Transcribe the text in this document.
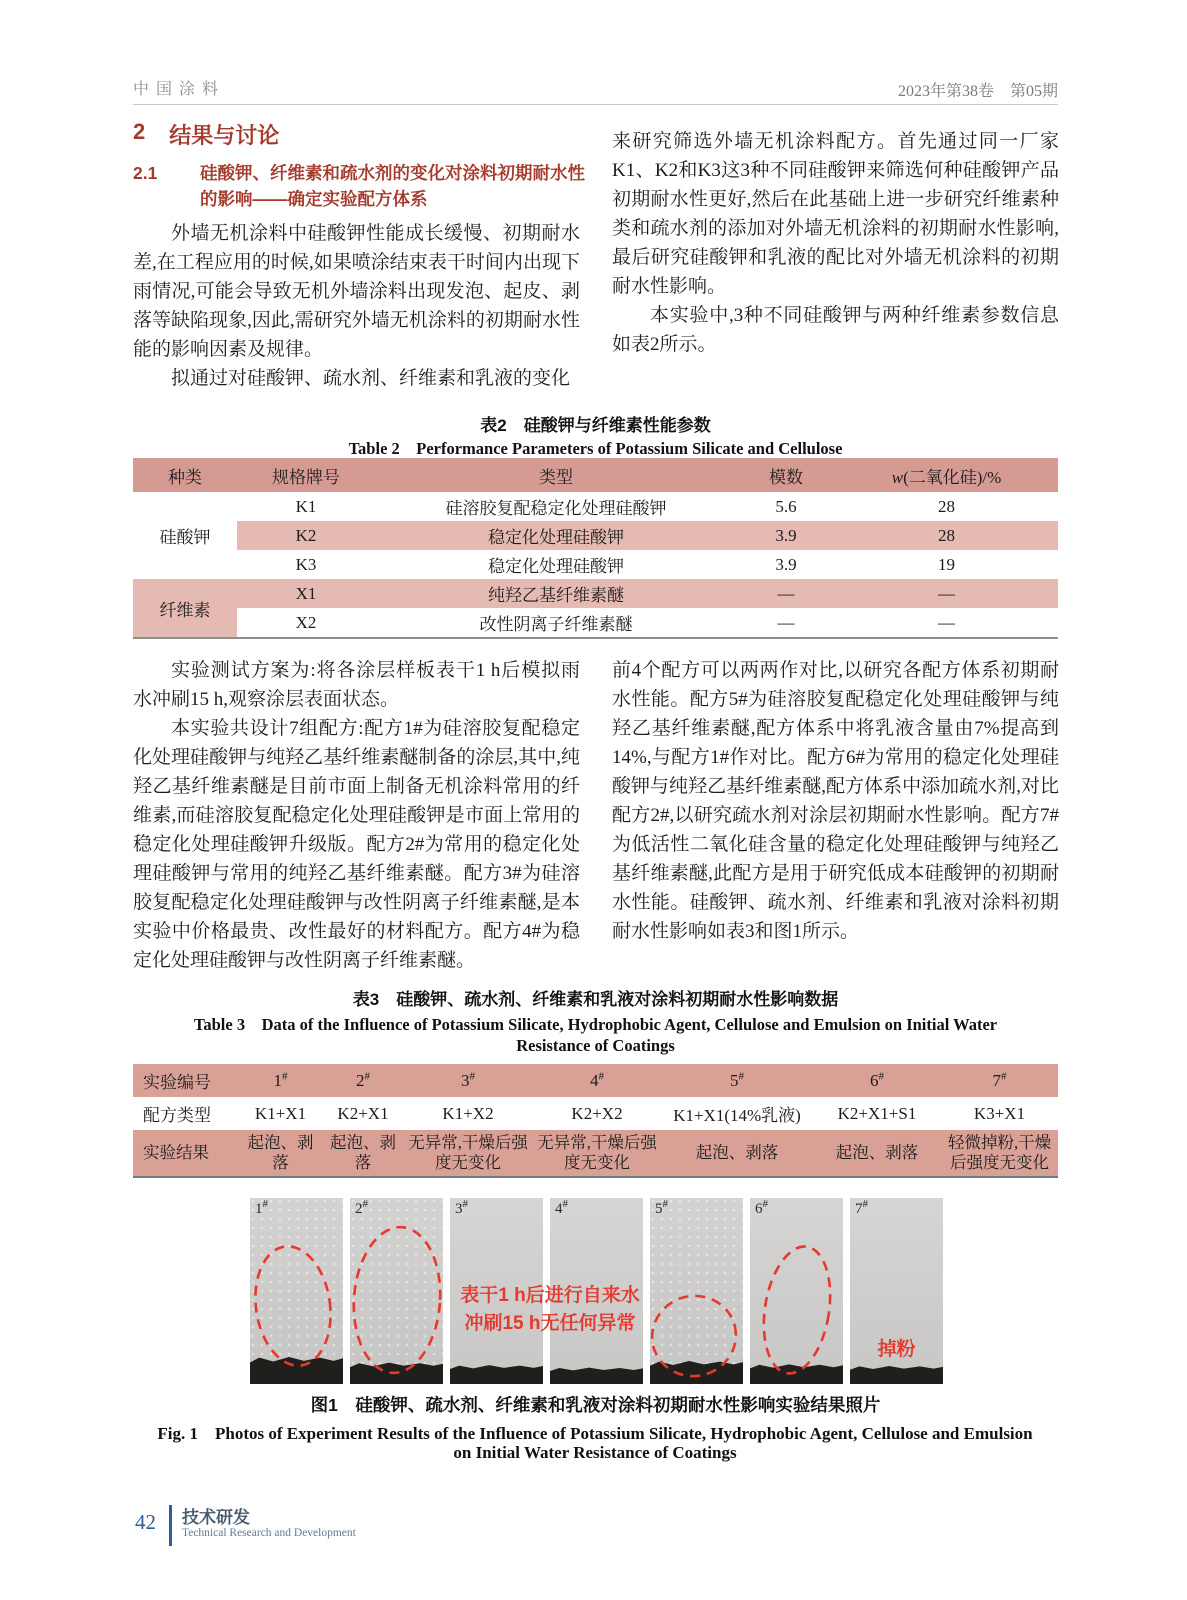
中国涂料	2023年第38卷　第05期
2 结果与讨论
2.1	硅酸钾、纤维素和疏水剂的变化对涂料初期耐水性的影响——确定实验配方体系

外墙无机涂料中硅酸钾性能成长缓慢、初期耐水差,在工程应用的时候,如果喷涂结束表干时间内出现下雨情况,可能会导致无机外墙涂料出现发泡、起皮、剥落等缺陷现象,因此,需研究外墙无机涂料的初期耐水性能的影响因素及规律。

拟通过对硅酸钾、疏水剂、纤维素和乳液的变化

来研究筛选外墙无机涂料配方。首先通过同一厂家K1、K2和K3这3种不同硅酸钾来筛选何种硅酸钾产品初期耐水性更好,然后在此基础上进一步研究纤维素种类和疏水剂的添加对外墙无机涂料的初期耐水性影响,最后研究硅酸钾和乳液的配比对外墙无机涂料的初期耐水性影响。

本实验中,3种不同硅酸钾与两种纤维素参数信息如表2所示。

表2　硅酸钾与纤维素性能参数
Table 2　Performance Parameters of Potassium Silicate and Cellulose
种类	规格牌号	类型	模数	w(二氧化硅)/%
硅酸钾	K1	硅溶胶复配稳定化处理硅酸钾	5.6	28
	K2	稳定化处理硅酸钾	3.9	28
	K3	稳定化处理硅酸钾	3.9	19
纤维素	X1	纯羟乙基纤维素醚	—	—
	X2	改性阴离子纤维素醚	—	—

实验测试方案为:将各涂层样板表干1 h后模拟雨水冲刷15 h,观察涂层表面状态。

本实验共设计7组配方:配方1#为硅溶胶复配稳定化处理硅酸钾与纯羟乙基纤维素醚制备的涂层,其中,纯羟乙基纤维素醚是目前市面上制备无机涂料常用的纤维素,而硅溶胶复配稳定化处理硅酸钾是市面上常用的稳定化处理硅酸钾升级版。配方2#为常用的稳定化处理硅酸钾与常用的纯羟乙基纤维素醚。配方3#为硅溶胶复配稳定化处理硅酸钾与改性阴离子纤维素醚,是本实验中价格最贵、改性最好的材料配方。配方4#为稳定化处理硅酸钾与改性阴离子纤维素醚。

前4个配方可以两两作对比,以研究各配方体系初期耐水性能。配方5#为硅溶胶复配稳定化处理硅酸钾与纯羟乙基纤维素醚,配方体系中将乳液含量由7%提高到14%,与配方1#作对比。配方6#为常用的稳定化处理硅酸钾与纯羟乙基纤维素醚,配方体系中添加疏水剂,对比配方2#,以研究疏水剂对涂层初期耐水性影响。配方7#为低活性二氧化硅含量的稳定化处理硅酸钾与纯羟乙基纤维素醚,此配方是用于研究低成本硅酸钾的初期耐水性能。硅酸钾、疏水剂、纤维素和乳液对涂料初期耐水性影响如表3和图1所示。

表3　硅酸钾、疏水剂、纤维素和乳液对涂料初期耐水性影响数据
Table 3　Data of the Influence of Potassium Silicate, Hydrophobic Agent, Cellulose and Emulsion on Initial Water
Resistance of Coatings
实验编号	1#	2#	3#	4#	5#	6#	7#
配方类型	K1+X1	K2+X1	K1+X2	K2+X2	K1+X1(14%乳液)	K2+X1+S1	K3+X1
实验结果	起泡、剥落	起泡、剥落	无异常,干燥后强度无变化	无异常,干燥后强度无变化	起泡、剥落	起泡、剥落	轻微掉粉,干燥后强度无变化
1#	2#	3#	4#	5#	6#	7#
表干1 h后进行自来水
冲刷15 h无任何异常
掉粉
图1　硅酸钾、疏水剂、纤维素和乳液对涂料初期耐水性影响实验结果照片
Fig. 1　Photos of Experiment Results of the Influence of Potassium Silicate, Hydrophobic Agent, Cellulose and Emulsion
on Initial Water Resistance of Coatings
42 技术研发
Technical Research and Development
